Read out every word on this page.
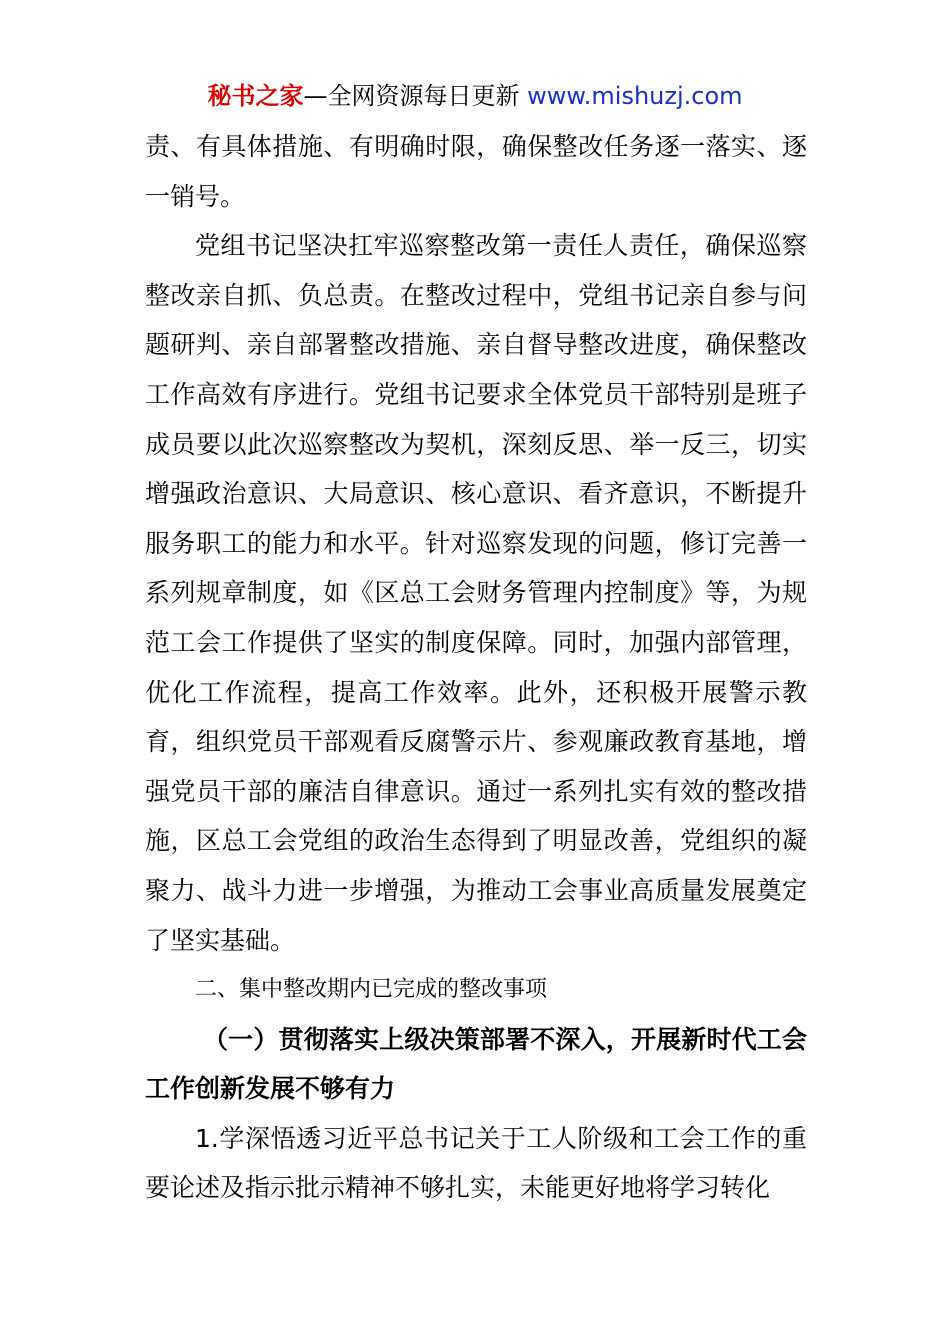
秘书之家—全网资源每日更新 www.mishuzj.com

责、有具体措施、有明确时限，确保整改任务逐一落实、逐一销号。

党组书记坚决扛牢巡察整改第一责任人责任，确保巡察整改亲自抓、负总责。在整改过程中，党组书记亲自参与问题研判、亲自部署整改措施、亲自督导整改进度，确保整改工作高效有序进行。党组书记要求全体党员干部特别是班子成员要以此次巡察整改为契机，深刻反思、举一反三，切实增强政治意识、大局意识、核心意识、看齐意识，不断提升服务职工的能力和水平。针对巡察发现的问题，修订完善一系列规章制度，如《区总工会财务管理内控制度》等，为规范工会工作提供了坚实的制度保障。同时，加强内部管理，优化工作流程，提高工作效率。此外，还积极开展警示教育，组织党员干部观看反腐警示片、参观廉政教育基地，增强党员干部的廉洁自律意识。通过一系列扎实有效的整改措施，区总工会党组的政治生态得到了明显改善，党组织的凝聚力、战斗力进一步增强，为推动工会事业高质量发展奠定了坚实基础。

二、集中整改期内已完成的整改事项

（一）贯彻落实上级决策部署不深入，开展新时代工会工作创新发展不够有力

1.学深悟透习近平总书记关于工人阶级和工会工作的重要论述及指示批示精神不够扎实，未能更好地将学习转化
